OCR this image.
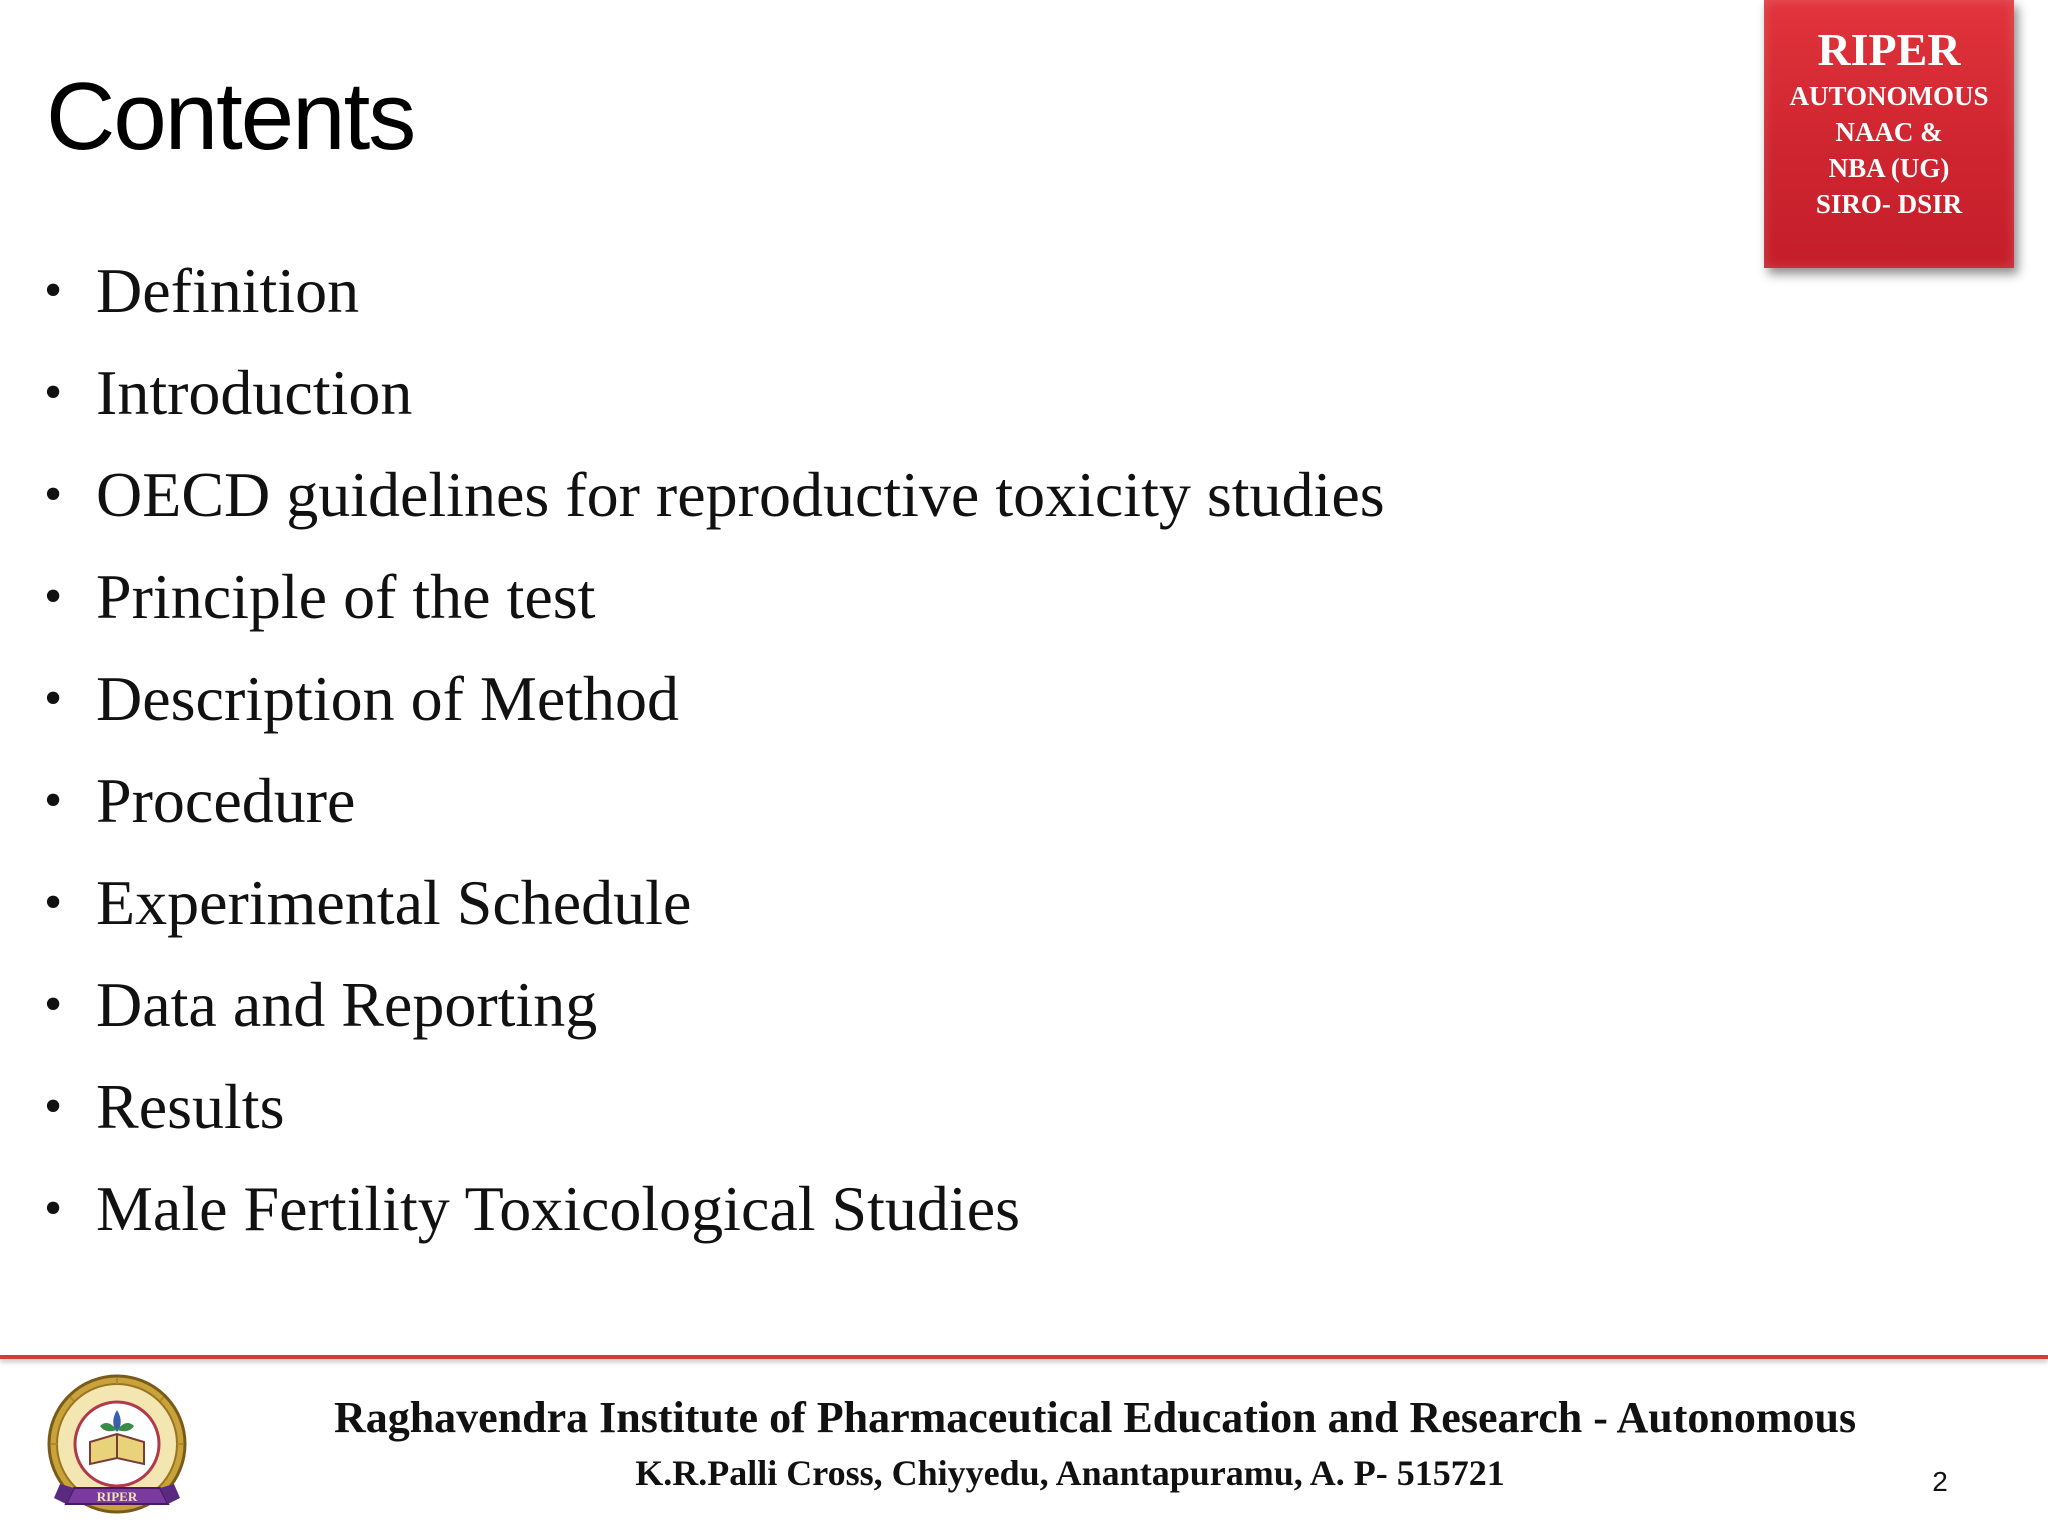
Contents
RIPER
AUTONOMOUS
NAAC &
NBA (UG)
SIRO- DSIR
• Definition
• Introduction
• OECD guidelines for reproductive toxicity studies
• Principle of the test
• Description of Method
• Procedure
• Experimental Schedule
• Data and Reporting
• Results
• Male Fertility Toxicological Studies
RIPER
Raghavendra Institute of Pharmaceutical Education and Research - Autonomous
K.R.Palli Cross, Chiyyedu, Anantapuramu, A. P- 515721	2
